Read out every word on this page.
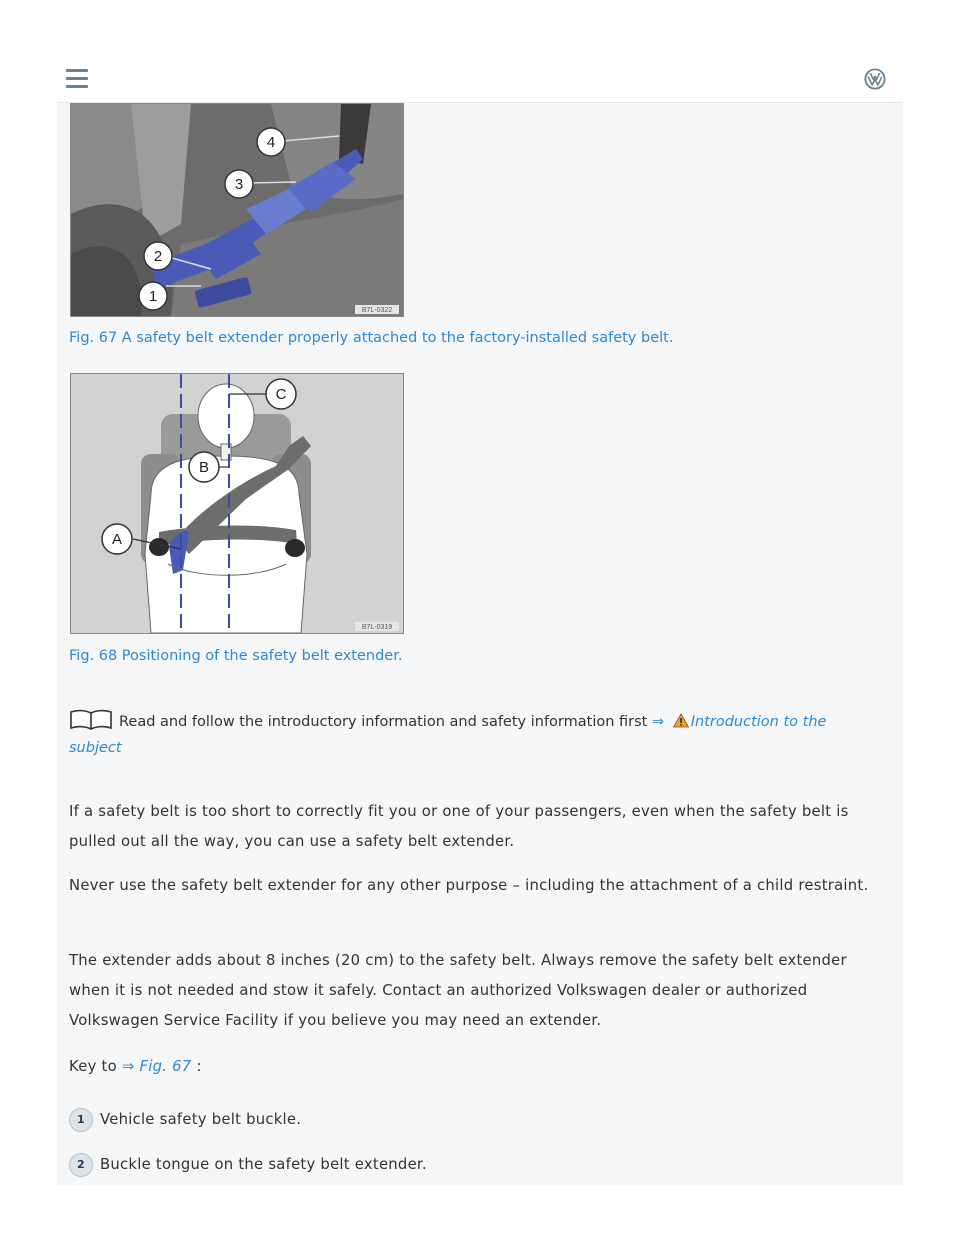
1
2
3
4
B7L-0322
Fig. 67 A safety belt extender properly attached to the factory-installed safety belt.
A
B
C
B7L-0319
Fig. 68 Positioning of the safety belt extender.
Read and follow the introductory information and safety information first ⇒ Introduction to the
subject
If a safety belt is too short to correctly fit you or one of your passengers, even when the safety belt is pulled out all the way, you can use a safety belt extender.
Never use the safety belt extender for any other purpose – including the attachment of a child restraint.
The extender adds about 8 inches (20 cm) to the safety belt. Always remove the safety belt extender when it is not needed and stow it safely. Contact an authorized Volkswagen dealer or authorized Volkswagen Service Facility if you believe you may need an extender.
Key to ⇒ Fig. 67 :
1 Vehicle safety belt buckle.
2 Buckle tongue on the safety belt extender.
